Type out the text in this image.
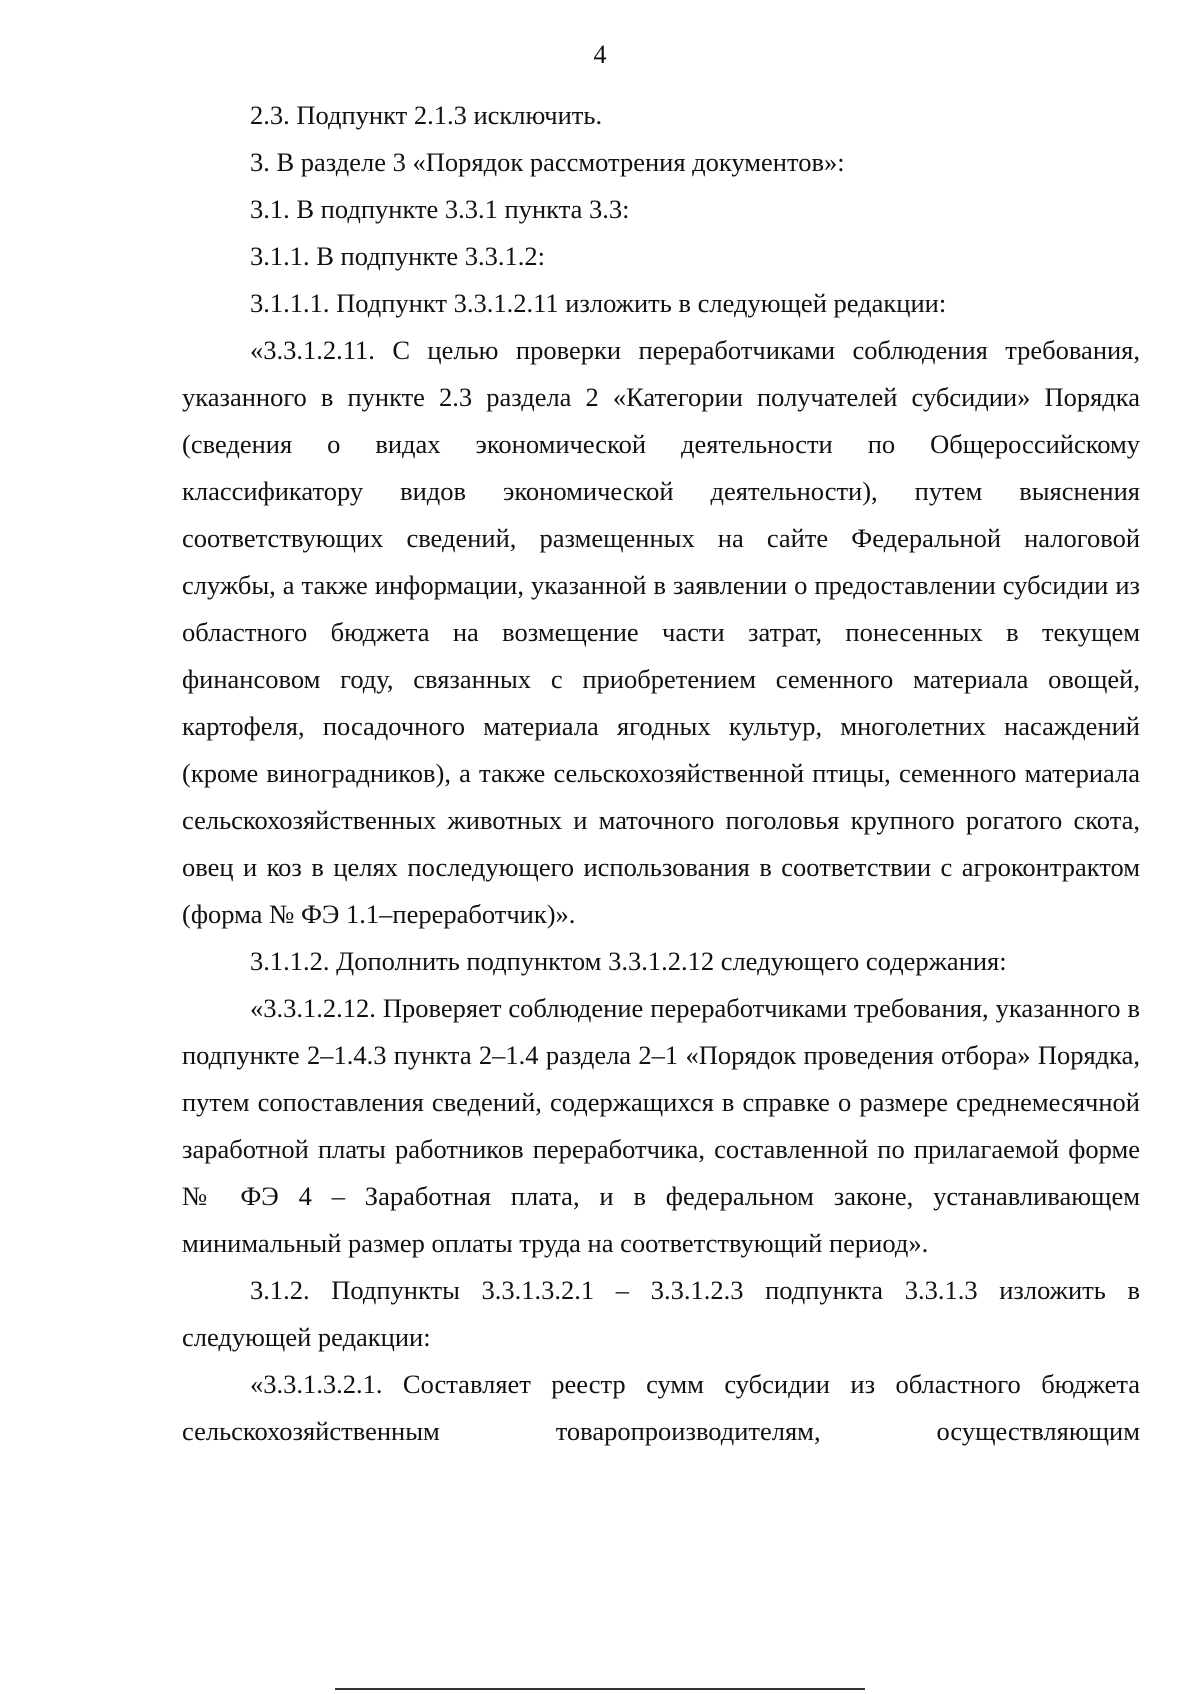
4

2.3. Подпункт 2.1.3 исключить.

3. В разделе 3 «Порядок рассмотрения документов»:

3.1. В подпункте 3.3.1 пункта 3.3:

3.1.1. В подпункте 3.3.1.2:

3.1.1.1. Подпункт 3.3.1.2.11 изложить в следующей редакции:

«3.3.1.2.11. С целью проверки переработчиками соблюдения требования, указанного в пункте 2.3 раздела 2 «Категории получателей субсидии» Порядка (сведения о видах экономической деятельности по Общероссийскому классификатору видов экономической деятельности), путем выяснения соответствующих сведений, размещенных на сайте Федеральной налоговой службы, а также информации, указанной в заявлении о предоставлении субсидии из областного бюджета на возмещение части затрат, понесенных в текущем финансовом году, связанных с приобретением семенного материала овощей, картофеля, посадочного материала ягодных культур, многолетних насаждений (кроме виноградников), а также сельскохозяйственной птицы, семенного материала сельскохозяйственных животных и маточного поголовья крупного рогатого скота, овец и коз в целях последующего использования в соответствии с агроконтрактом (форма № ФЭ 1.1–переработчик)».

3.1.1.2. Дополнить подпунктом 3.3.1.2.12 следующего содержания:

«3.3.1.2.12. Проверяет соблюдение переработчиками требования, указанного в подпункте 2–1.4.3 пункта 2–1.4 раздела 2–1 «Порядок проведения отбора» Порядка, путем сопоставления сведений, содержащихся в справке о размере среднемесячной заработной платы работников переработчика, составленной по прилагаемой форме № ФЭ 4 – Заработная плата, и в федеральном законе, устанавливающем минимальный размер оплаты труда на соответствующий период».

3.1.2. Подпункты 3.3.1.3.2.1 – 3.3.1.2.3 подпункта 3.3.1.3 изложить в следующей редакции:

«3.3.1.3.2.1. Составляет реестр сумм субсидии из областного бюджета сельскохозяйственным товаропроизводителям, осуществляющим
